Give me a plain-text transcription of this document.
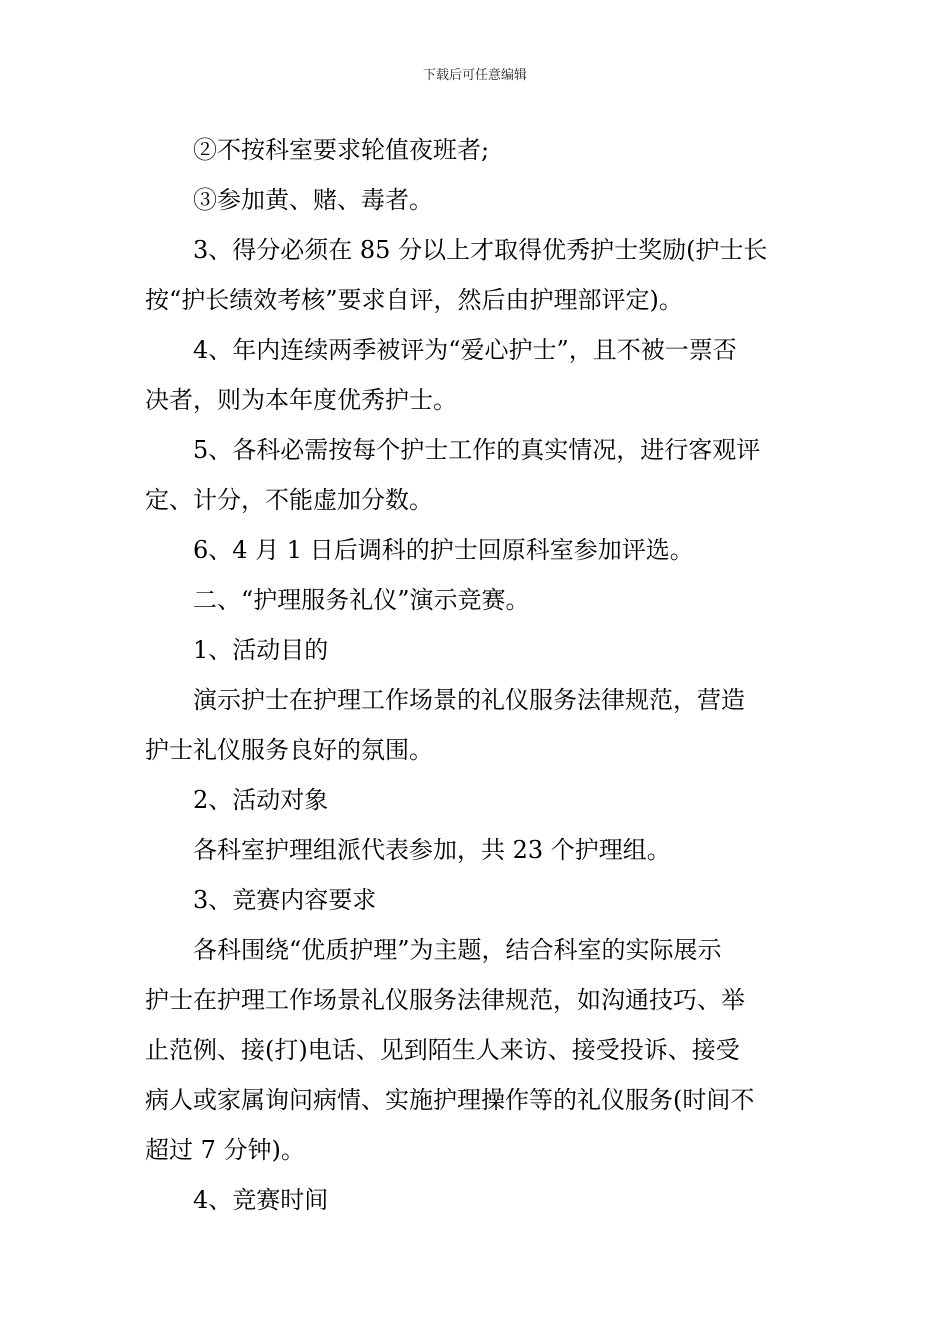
下载后可任意编辑
②不按科室要求轮值夜班者;
③参加黄、赌、毒者。
3、得分必须在 85 分以上才取得优秀护士奖励(护士长
按“护长绩效考核”要求自评，然后由护理部评定)。
4、年内连续两季被评为“爱心护士”，且不被一票否
决者，则为本年度优秀护士。
5、各科必需按每个护士工作的真实情况，进行客观评
定、计分，不能虚加分数。
6、4 月 1 日后调科的护士回原科室参加评选。
二、“护理服务礼仪”演示竞赛。
1、活动目的
演示护士在护理工作场景的礼仪服务法律规范，营造
护士礼仪服务良好的氛围。
2、活动对象
各科室护理组派代表参加，共 23 个护理组。
3、竞赛内容要求
各科围绕“优质护理”为主题，结合科室的实际展示
护士在护理工作场景礼仪服务法律规范，如沟通技巧、举
止范例、接(打)电话、见到陌生人来访、接受投诉、接受
病人或家属询问病情、实施护理操作等的礼仪服务(时间不
超过 7 分钟)。
4、竞赛时间
